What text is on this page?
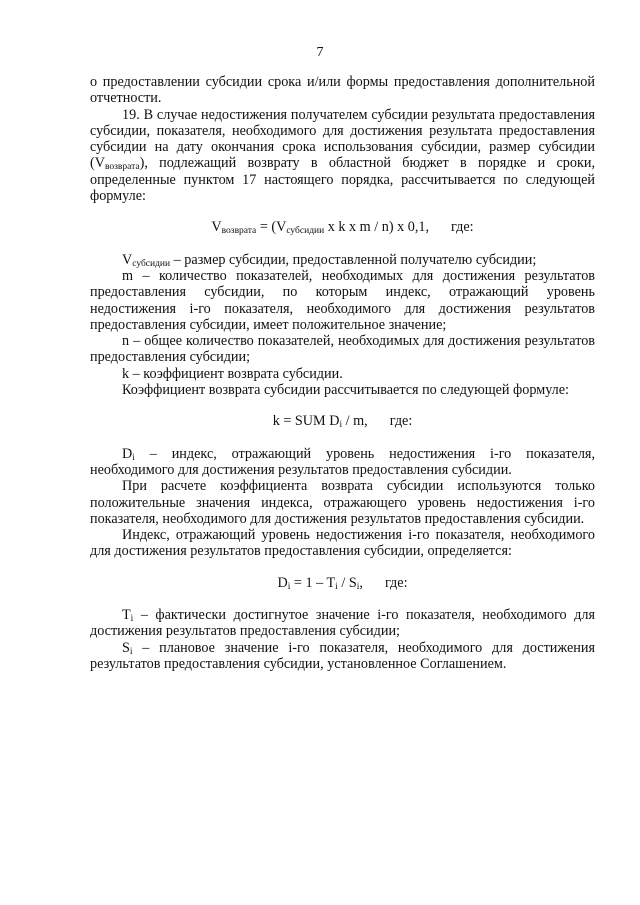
7

о предоставлении субсидии срока и/или формы предоставления дополнительной отчетности.

19. В случае недостижения получателем субсидии результата предоставления субсидии, показателя, необходимого для достижения результата предоставления субсидии на дату окончания срока использования субсидии, размер субсидии $(V_{возврата})$, подлежащий возврату в областной бюджет в порядке и сроки, определенные пунктом 17 настоящего порядка, рассчитывается по следующей формуле:

$V_{возврата} = (V_{субсидии}$ x k x m / n) x 0,1, где:

$V_{субсидии}$ – размер субсидии, предоставленной получателю субсидии;

m – количество показателей, необходимых для достижения результатов предоставления субсидии, по которым индекс, отражающий уровень недостижения i-го показателя, необходимого для достижения результатов предоставления субсидии, имеет положительное значение;

n – общее количество показателей, необходимых для достижения результатов предоставления субсидии;

k – коэффициент возврата субсидии.

Коэффициент возврата субсидии рассчитывается по следующей формуле:

k = SUM $D_i$ / m, где:

$D_i$ – индекс, отражающий уровень недостижения i-го показателя, необходимого для достижения результатов предоставления субсидии.

При расчете коэффициента возврата субсидии используются только положительные значения индекса, отражающего уровень недостижения i-го показателя, необходимого для достижения результатов предоставления субсидии.

Индекс, отражающий уровень недостижения i-го показателя, необходимого для достижения результатов предоставления субсидии, определяется:

$D_i = 1 - T_i / S_i$, где:

$T_i$ – фактически достигнутое значение i-го показателя, необходимого для достижения результатов предоставления субсидии;

$S_i$ – плановое значение i-го показателя, необходимого для достижения результатов предоставления субсидии, установленное Соглашением.
